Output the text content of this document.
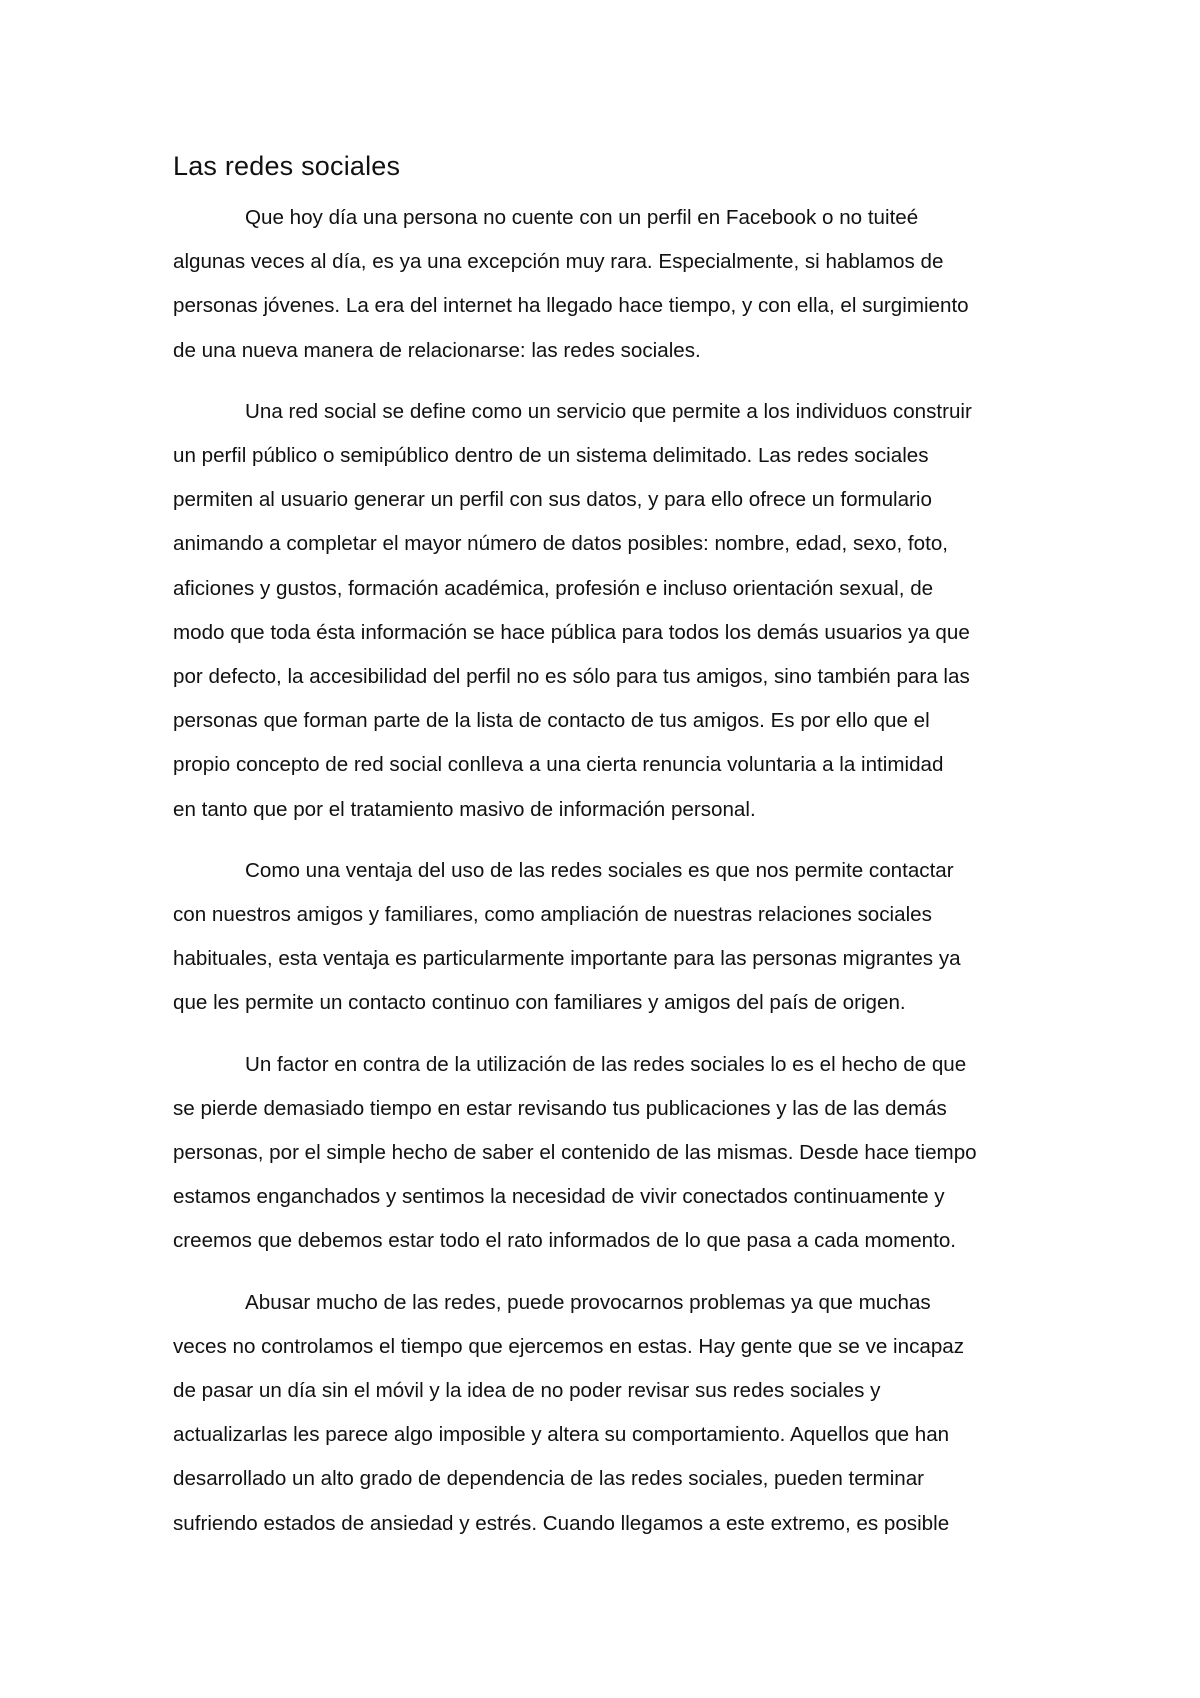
Las redes sociales

Que hoy día una persona no cuente con un perfil en Facebook o no tuiteé
algunas veces al día, es ya una excepción muy rara. Especialmente, si hablamos de
personas jóvenes. La era del internet ha llegado hace tiempo, y con ella, el surgimiento
de una nueva manera de relacionarse: las redes sociales.

Una red social se define como un servicio que permite a los individuos construir
un perfil público o semipúblico dentro de un sistema delimitado. Las redes sociales
permiten al usuario generar un perfil con sus datos, y para ello ofrece un formulario
animando a completar el mayor número de datos posibles: nombre, edad, sexo, foto,
aficiones y gustos, formación académica, profesión e incluso orientación sexual, de
modo que toda ésta información se hace pública para todos los demás usuarios ya que
por defecto, la accesibilidad del perfil no es sólo para tus amigos, sino también para las
personas que forman parte de la lista de contacto de tus amigos. Es por ello que el
propio concepto de red social conlleva a una cierta renuncia voluntaria a la intimidad
en tanto que por el tratamiento masivo de información personal.

Como una ventaja del uso de las redes sociales es que nos permite contactar
con nuestros amigos y familiares, como ampliación de nuestras relaciones sociales
habituales, esta ventaja es particularmente importante para las personas migrantes ya
que les permite un contacto continuo con familiares y amigos del país de origen.

Un factor en contra de la utilización de las redes sociales lo es el hecho de que
se pierde demasiado tiempo en estar revisando tus publicaciones y las de las demás
personas, por el simple hecho de saber el contenido de las mismas. Desde hace tiempo
estamos enganchados y sentimos la necesidad de vivir conectados continuamente y
creemos que debemos estar todo el rato informados de lo que pasa a cada momento.

Abusar mucho de las redes, puede provocarnos problemas ya que muchas
veces no controlamos el tiempo que ejercemos en estas. Hay gente que se ve incapaz
de pasar un día sin el móvil y la idea de no poder revisar sus redes sociales y
actualizarlas les parece algo imposible y altera su comportamiento. Aquellos que han
desarrollado un alto grado de dependencia de las redes sociales, pueden terminar
sufriendo estados de ansiedad y estrés. Cuando llegamos a este extremo, es posible
